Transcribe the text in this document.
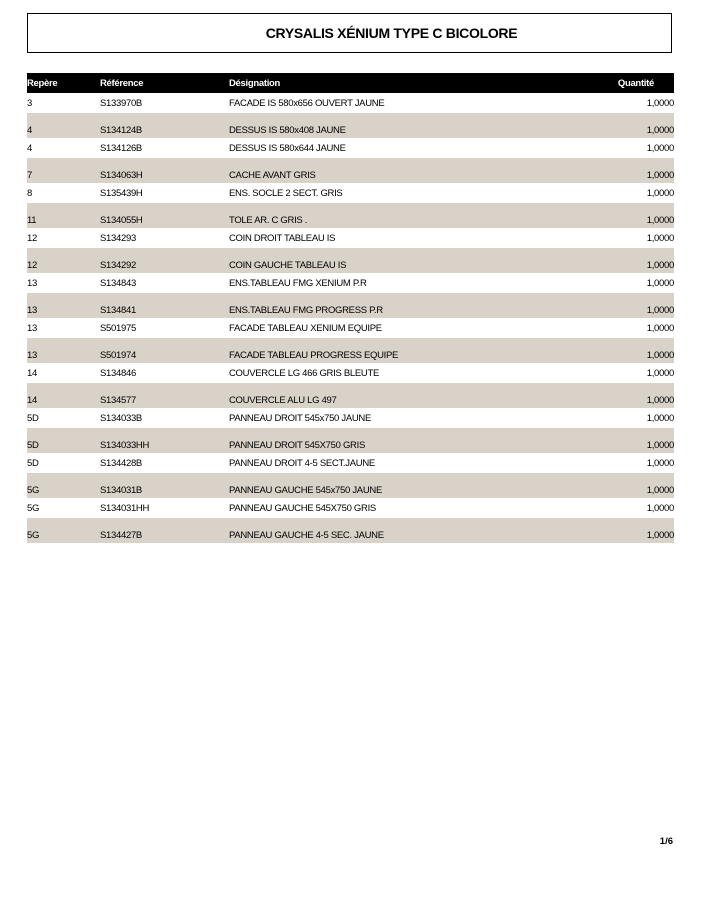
CRYSALIS XÉNIUM TYPE C BICOLORE
Repère	Référence	Désignation	Quantité
3	S133970B	FACADE IS 580x656 OUVERT JAUNE	1,0000
4	S134124B	DESSUS IS 580x408 JAUNE	1,0000
4	S134126B	DESSUS IS 580x644 JAUNE	1,0000
7	S134063H	CACHE AVANT GRIS	1,0000
8	S135439H	ENS. SOCLE 2 SECT. GRIS	1,0000
11	S134055H	TOLE AR. C GRIS .	1,0000
12	S134293	COIN DROIT TABLEAU IS	1,0000
12	S134292	COIN GAUCHE TABLEAU IS	1,0000
13	S134843	ENS.TABLEAU FMG XENIUM P.R	1,0000
13	S134841	ENS.TABLEAU FMG PROGRESS P.R	1,0000
13	S501975	FACADE TABLEAU XENIUM EQUIPE	1,0000
13	S501974	FACADE TABLEAU PROGRESS EQUIPE	1,0000
14	S134846	COUVERCLE LG 466 GRIS BLEUTE	1,0000
14	S134577	COUVERCLE ALU LG 497	1,0000
5D	S134033B	PANNEAU DROIT 545x750 JAUNE	1,0000
5D	S134033HH	PANNEAU DROIT 545X750 GRIS	1,0000
5D	S134428B	PANNEAU DROIT 4-5 SECT.JAUNE	1,0000
5G	S134031B	PANNEAU GAUCHE 545x750 JAUNE	1,0000
5G	S134031HH	PANNEAU GAUCHE 545X750 GRIS	1,0000
5G	S134427B	PANNEAU GAUCHE 4-5 SEC. JAUNE	1,0000
1/6
